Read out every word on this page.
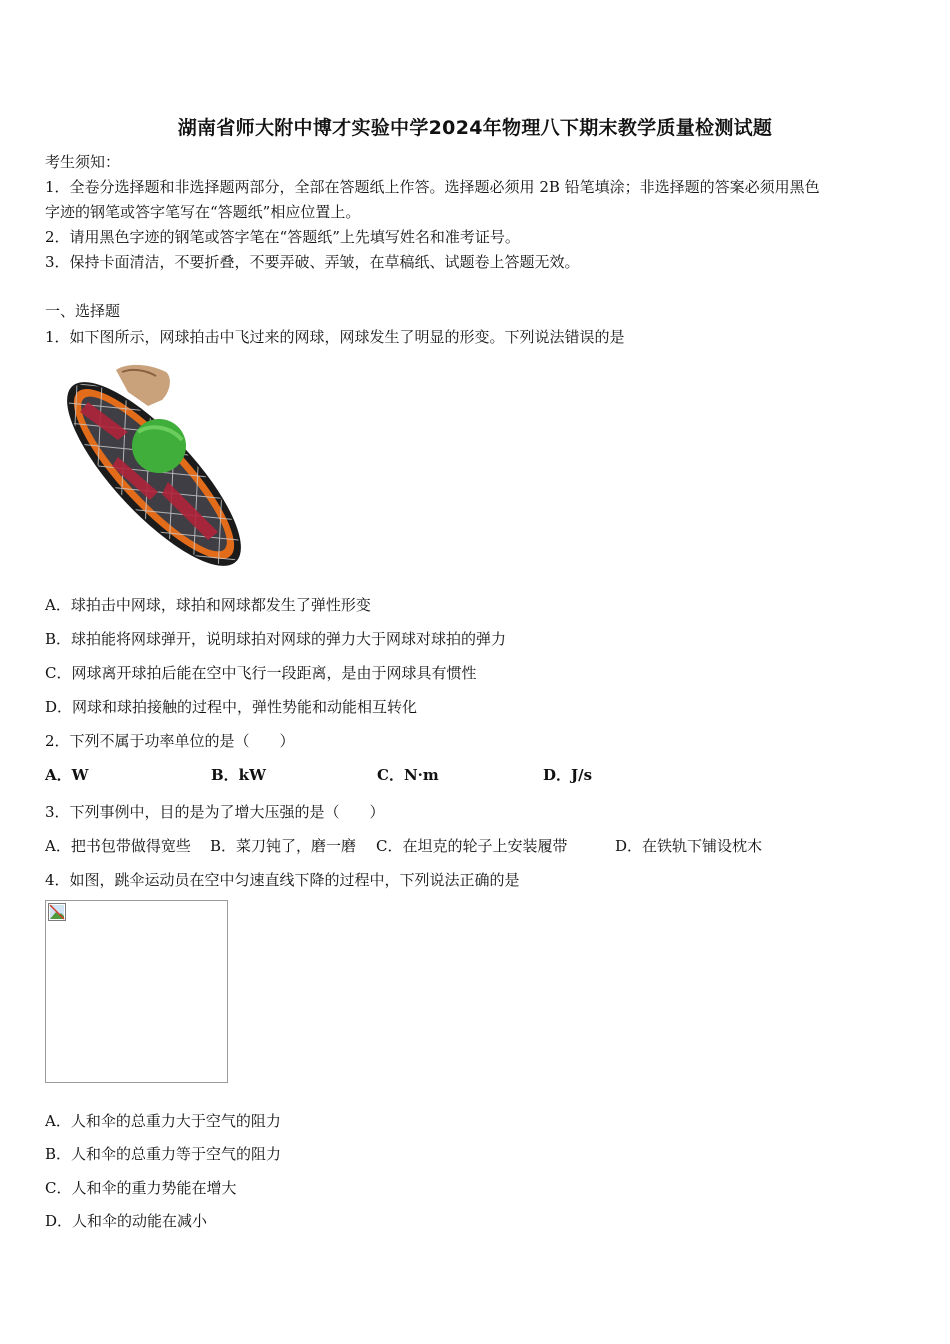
湖南省师大附中博才实验中学2024年物理八下期末教学质量检测试题
考生须知：
1．全卷分选择题和非选择题两部分，全部在答题纸上作答。选择题必须用 2B 铅笔填涂；非选择题的答案必须用黑色
字迹的钢笔或答字笔写在“答题纸”相应位置上。
2．请用黑色字迹的钢笔或答字笔在“答题纸”上先填写姓名和准考证号。
3．保持卡面清洁，不要折叠，不要弄破、弄皱，在草稿纸、试题卷上答题无效。
一、选择题
1．如下图所示，网球拍击中飞过来的网球，网球发生了明显的形变。下列说法错误的是
A．球拍击中网球，球拍和网球都发生了弹性形变
B．球拍能将网球弹开，说明球拍对网球的弹力大于网球对球拍的弹力
C．网球离开球拍后能在空中飞行一段距离，是由于网球具有惯性
D．网球和球拍接触的过程中，弹性势能和动能相互转化
2．下列不属于功率单位的是（　　）
A．W	B．kW	C．N·m	D．J/s
3．下列事例中，目的是为了增大压强的是（　　）
A．把书包带做得宽些 B．菜刀钝了，磨一磨 C．在坦克的轮子上安装履带	D．在铁轨下铺设枕木
4．如图，跳伞运动员在空中匀速直线下降的过程中，下列说法正确的是
A．人和伞的总重力大于空气的阻力
B．人和伞的总重力等于空气的阻力
C．人和伞的重力势能在增大
D．人和伞的动能在减小
